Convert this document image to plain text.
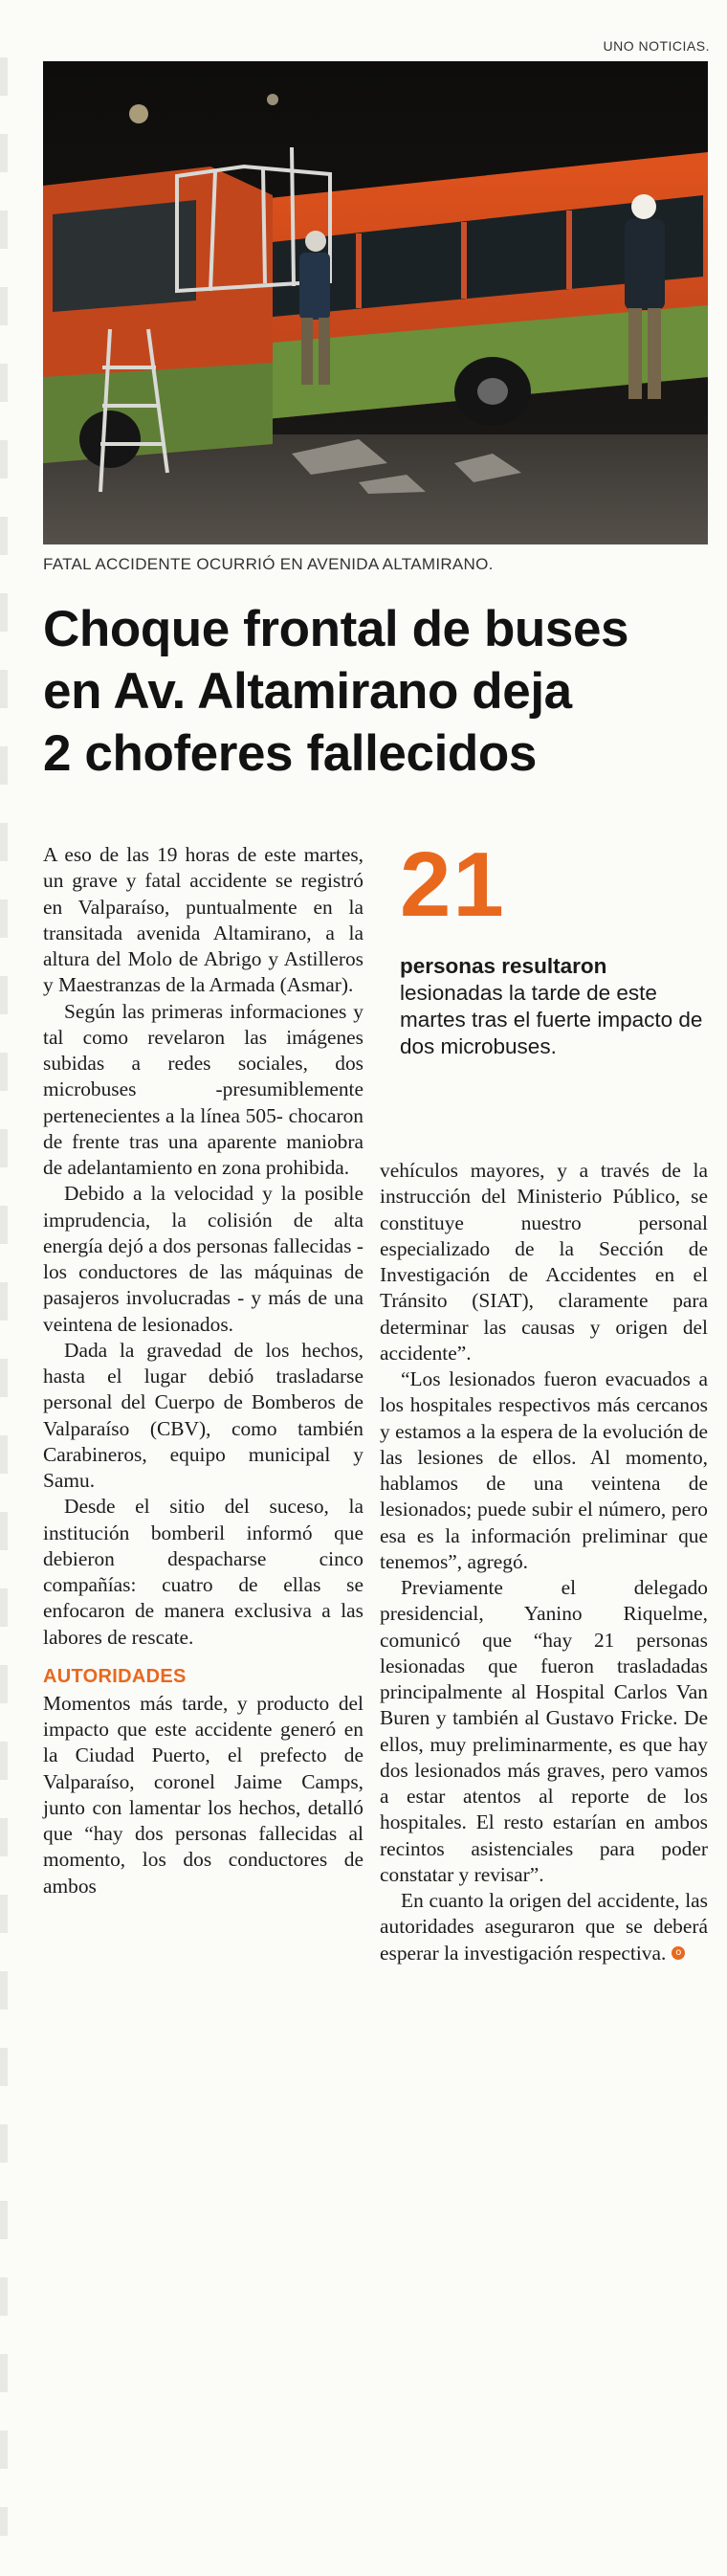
UNO NOTICIAS.
FATAL ACCIDENTE OCURRIÓ EN AVENIDA ALTAMIRANO.
Choque frontal de buses
en Av. Altamirano deja
2 choferes fallecidos

A eso de las 19 horas de este martes, un grave y fatal accidente se registró en Valparaíso, puntualmente en la transitada avenida Altamirano, a la altura del Molo de Abrigo y Astilleros y Maestranzas de la Armada (Asmar).

Según las primeras informaciones y tal como revelaron las imágenes subidas a redes sociales, dos microbuses -presumiblemente pertenecientes a la línea 505- chocaron de frente tras una aparente maniobra de adelantamiento en zona prohibida.

Debido a la velocidad y la posible imprudencia, la colisión de alta energía dejó a dos personas fallecidas - los conductores de las máquinas de pasajeros involucradas - y más de una veintena de lesionados.

Dada la gravedad de los hechos, hasta el lugar debió trasladarse personal del Cuerpo de Bomberos de Valparaíso (CBV), como también Carabineros, equipo municipal y Samu.

Desde el sitio del suceso, la institución bomberil informó que debieron despacharse cinco compañías: cuatro de ellas se enfocaron de manera exclusiva a las labores de rescate.

AUTORIDADES

Momentos más tarde, y producto del impacto que este accidente generó en la Ciudad Puerto, el prefecto de Valparaíso, coronel Jaime Camps, junto con lamentar los hechos, detalló que “hay dos personas fallecidas al momento, los dos conductores de ambos

21
personas resultaron lesionadas la tarde de este martes tras el fuerte impacto de dos microbuses.

vehículos mayores, y a través de la instrucción del Ministerio Público, se constituye nuestro personal especializado de la Sección de Investigación de Accidentes en el Tránsito (SIAT), claramente para determinar las causas y origen del accidente”.

“Los lesionados fueron evacuados a los hospitales respectivos más cercanos y estamos a la espera de la evolución de las lesiones de ellos. Al momento, hablamos de una veintena de lesionados; puede subir el número, pero esa es la información preliminar que tenemos”, agregó.

Previamente el delegado presidencial, Yanino Riquelme, comunicó que “hay 21 personas lesionadas que fueron trasladadas principalmente al Hospital Carlos Van Buren y también al Gustavo Fricke. De ellos, muy preliminarmente, es que hay dos lesionados más graves, pero vamos a estar atentos al reporte de los hospitales. El resto estarían en ambos recintos asistenciales para poder constatar y revisar”.

En cuanto la origen del accidente, las autoridades aseguraron que se deberá esperar la investigación respectiva. o
